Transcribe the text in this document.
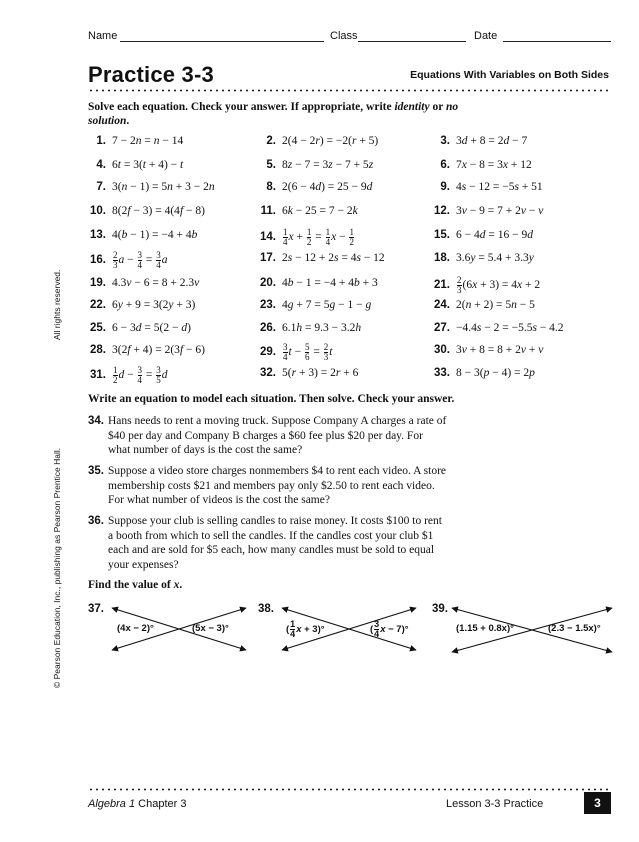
Name	Class	Date
Practice 3-3	Equations With Variables on Both Sides
Solve each equation. Check your answer. If appropriate, write identity or no solution.
1. 7 − 2n = n − 14	2. 2(4 − 2r) = −2(r + 5)	3. 3d + 8 = 2d − 7
4. 6t = 3(t + 4) − t	5. 8z − 7 = 3z − 7 + 5z	6. 7x − 8 = 3x + 12
7. 3(n − 1) = 5n + 3 − 2n	8. 2(6 − 4d) = 25 − 9d	9. 4s − 12 = −5s + 51
10. 8(2f − 3) = 4(4f − 8)	11. 6k − 25 = 7 − 2k	12. 3v − 9 = 7 + 2v − v
13. 4(b − 1) = −4 + 4b	14. $\frac{1}{4}$ $x + \frac{1}{2} = \frac{1}{4}$ $x - \frac{1}{2}$	15. 6 − 4d = 16 − 9d
16. $\frac{2}{3}$ $a - \frac{3}{4} = \frac{3}{4}$ a	17. 2s − 12 + 2s = 4s − 12	18. 3.6y = 5.4 + 3.3y
19. 4.3v − 6 = 8 + 2.3v	20. 4b − 1 = −4 + 4b + 3	21. $\frac{2}{3} (6x + 3) = 4x + 2$
22. 6y + 9 = 3(2y + 3)	23. 4g + 7 = 5g − 1 − g	24. 2(n + 2) = 5n − 5
25. 6 − 3d = 5(2 − d)	26. 6.1h = 9.3 − 3.2h	27. −4.4s − 2 = −5.5s − 4.2
28. 3(2f + 4) = 2(3f − 6)	29. $\frac{3}{4}$ $t - \frac{5}{6} = \frac{2}{3}$ t	30. 3v + 8 = 8 + 2v + v
31. $\frac{1}{2}$ $d - \frac{3}{4} = \frac{3}{5}$ d	32. 5(r + 3) = 2r + 6	33. 8 − 3(p − 4) = 2p
Write an equation to model each situation. Then solve. Check your answer.
34. Hans needs to rent a moving truck. Suppose Company A charges a rate of $40 per day and Company B charges a $60 fee plus $20 per day. For what number of days is the cost the same?
35. Suppose a video store charges nonmembers $4 to rent each video. A store membership costs $21 and members pay only $2.50 to rent each video. For what number of videos is the cost the same?
36. Suppose your club is selling candles to raise money. It costs $100 to rent a booth from which to sell the candles. If the candles cost your club $1 each and are sold for $5 each, how many candles must be sold to equal your expenses?
Find the value of x.
37.	38.	39.
(4x − 2)°	(5x − 3)°	( $\frac{1}{4}$ x + 3)°	( $\frac{3}{4}$ x − 7)°	(1.15 + 0.8x)°	(2.3 − 1.5x)°
© Pearson Education, Inc., publishing as Pearson Prentice Hall.
All rights reserved.
Algebra 1 Chapter 3	Lesson 3-3 Practice	3
